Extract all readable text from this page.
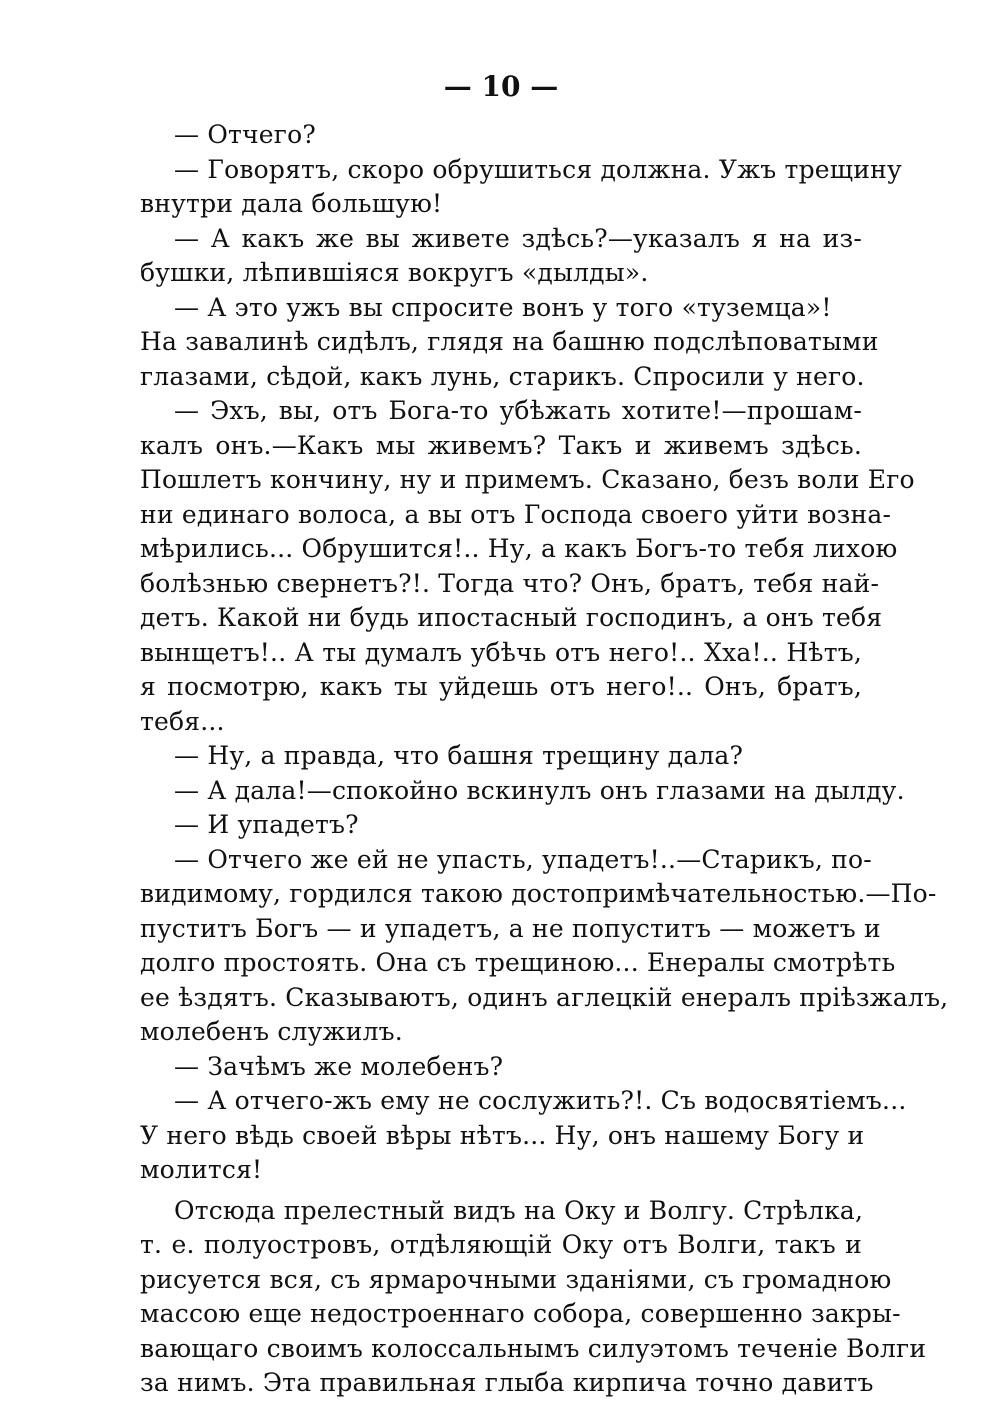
— 10 —
— Отчего?
— Говорятъ, скоро обрушиться должна. Ужъ трещину
внутри дала большую!
— А какъ же вы живете здѣсь?—указалъ я на из-
бушки, лѣпившіяся вокругъ «дылды».
— А это ужъ вы спросите вонъ у того «туземца»!
На завалинѣ сидѣлъ, глядя на башню подслѣповатыми
глазами, сѣдой, какъ лунь, старикъ. Спросили у него.
— Эхъ, вы, отъ Бога-то убѣжать хотите!—прошам-
калъ онъ.—Какъ мы живемъ? Такъ и живемъ здѣсь.
Пошлетъ кончину, ну и примемъ. Сказано, безъ воли Его
ни единаго волоса, а вы отъ Господа своего уйти возна-
мѣрились... Обрушится!.. Ну, а какъ Богъ-то тебя лихою
болѣзнью свернетъ?!. Тогда что? Онъ, братъ, тебя най-
детъ. Какой ни будь ипостасный господинъ, а онъ тебя
вынщетъ!.. А ты думалъ убѣчь отъ него!.. Хха!.. Нѣтъ,
я посмотрю, какъ ты уйдешь отъ него!.. Онъ, братъ,
тебя...
— Ну, а правда, что башня трещину дала?
— А дала!—спокойно вскинулъ онъ глазами на дылду.
— И упадетъ?
— Отчего же ей не упасть, упадетъ!..—Старикъ, по-
видимому, гордился такою достопримѣчательностью.—По-
пуститъ Богъ — и упадетъ, а не попуститъ — можетъ и
долго простоять. Она съ трещиною... Енералы смотрѣть
ее ѣздятъ. Сказываютъ, одинъ аглецкій енералъ пріѣзжалъ,
молебенъ служилъ.
— Зачѣмъ же молебенъ?
— А отчего-жъ ему не сослужить?!. Съ водосвятіемъ...
У него вѣдь своей вѣры нѣтъ... Ну, онъ нашему Богу и
молится!
Отсюда прелестный видъ на Оку и Волгу. Стрѣлка,
т. е. полуостровъ, отдѣляющій Оку отъ Волги, такъ и
рисуется вся, съ ярмарочными зданіями, съ громадною
массою еще недостроеннаго собора, совершенно закры-
вающаго своимъ колоссальнымъ силуэтомъ теченіе Волги
за нимъ. Эта правильная глыба кирпича точно давитъ
